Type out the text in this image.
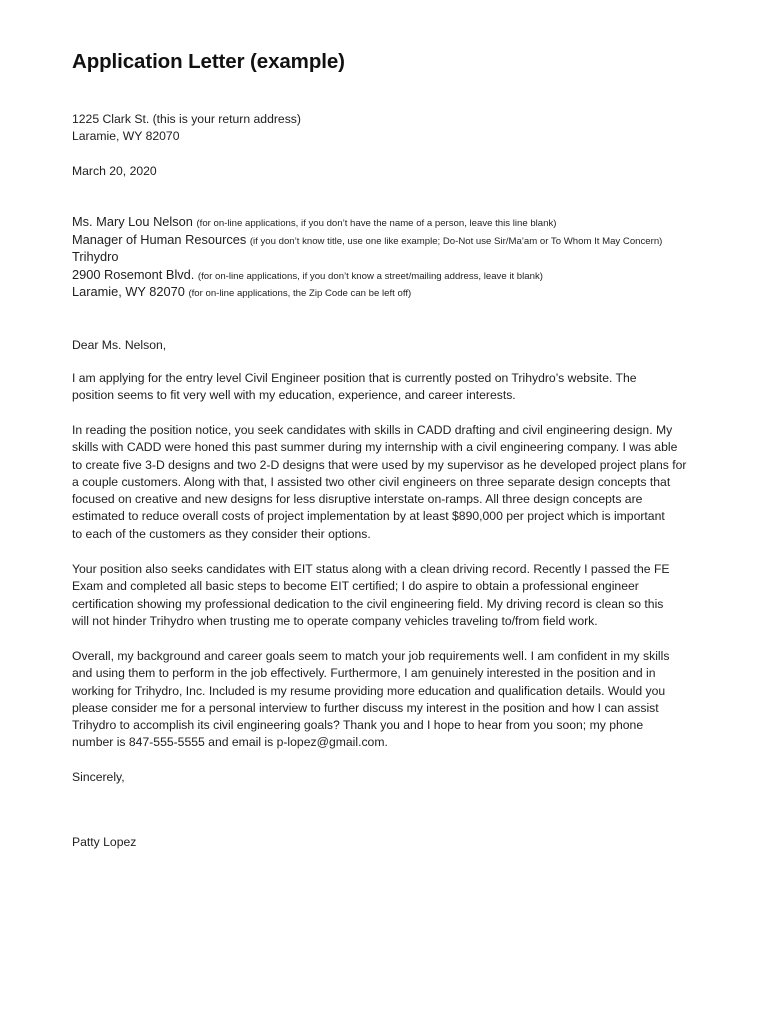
Application Letter (example)
1225 Clark St. (this is your return address)
Laramie, WY 82070
March 20, 2020
Ms. Mary Lou Nelson (for on-line applications, if you don’t have the name of a person, leave this line blank)
Manager of Human Resources (if you don’t know title, use one like example; Do-Not use Sir/Ma’am or To Whom It May Concern)
Trihydro
2900 Rosemont Blvd. (for on-line applications, if you don’t know a street/mailing address, leave it blank)
Laramie, WY 82070 (for on-line applications, the Zip Code can be left off)
Dear Ms. Nelson,
I am applying for the entry level Civil Engineer position that is currently posted on Trihydro’s website. The
position seems to fit very well with my education, experience, and career interests.
In reading the position notice, you seek candidates with skills in CADD drafting and civil engineering design. My
skills with CADD were honed this past summer during my internship with a civil engineering company. I was able
to create five 3-D designs and two 2-D designs that were used by my supervisor as he developed project plans for
a couple customers. Along with that, I assisted two other civil engineers on three separate design concepts that
focused on creative and new designs for less disruptive interstate on-ramps. All three design concepts are
estimated to reduce overall costs of project implementation by at least $890,000 per project which is important
to each of the customers as they consider their options.
Your position also seeks candidates with EIT status along with a clean driving record. Recently I passed the FE
Exam and completed all basic steps to become EIT certified; I do aspire to obtain a professional engineer
certification showing my professional dedication to the civil engineering field. My driving record is clean so this
will not hinder Trihydro when trusting me to operate company vehicles traveling to/from field work.
Overall, my background and career goals seem to match your job requirements well. I am confident in my skills
and using them to perform in the job effectively. Furthermore, I am genuinely interested in the position and in
working for Trihydro, Inc. Included is my resume providing more education and qualification details. Would you
please consider me for a personal interview to further discuss my interest in the position and how I can assist
Trihydro to accomplish its civil engineering goals? Thank you and I hope to hear from you soon; my phone
number is 847-555-5555 and email is p-lopez@gmail.com.
Sincerely,
Patty Lopez
